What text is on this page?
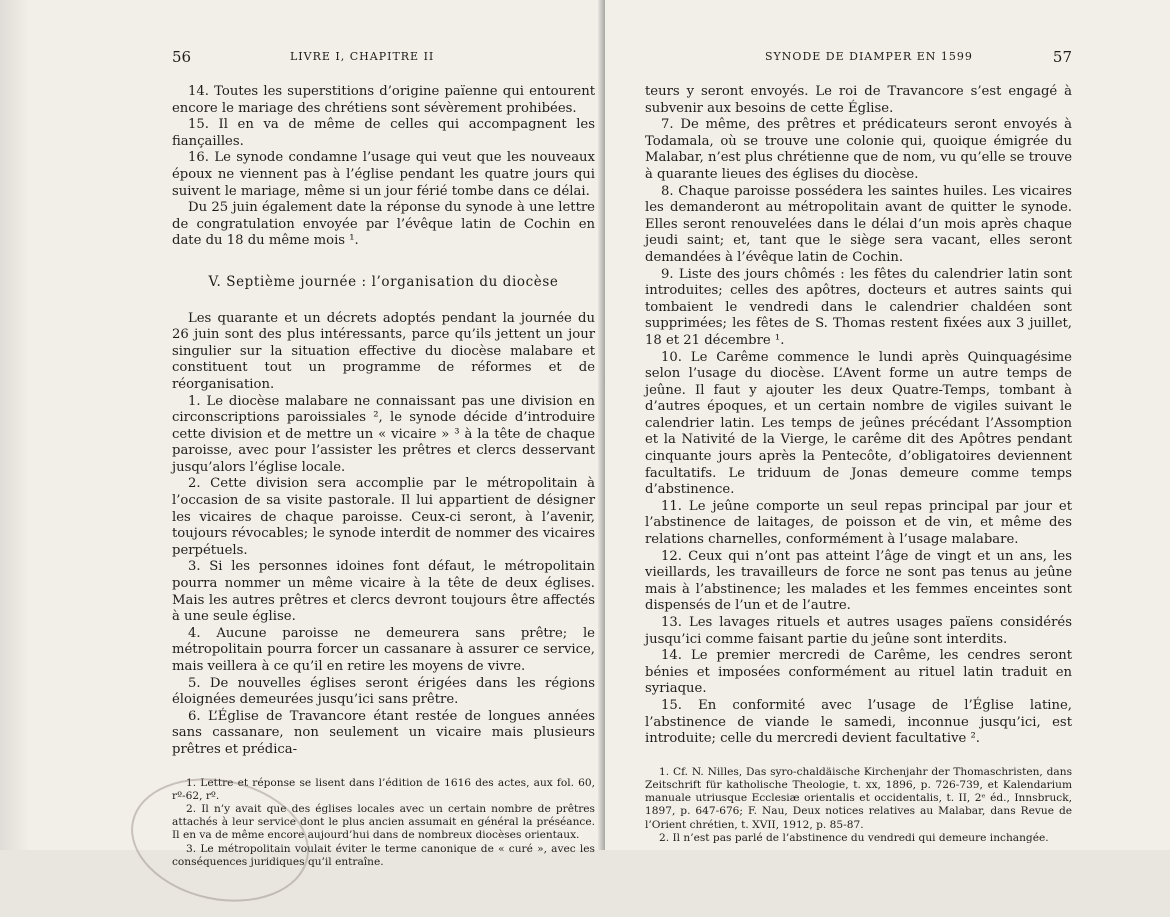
56	LIVRE I, CHAPITRE II

14. Toutes les superstitions d’origine païenne qui entourent encore le mariage des chrétiens sont sévèrement prohibées.

15. Il en va de même de celles qui accompagnent les fiançailles.

16. Le synode condamne l’usage qui veut que les nouveaux époux ne viennent pas à l’église pendant les quatre jours qui suivent le mariage, même si un jour férié tombe dans ce délai.

Du 25 juin également date la réponse du synode à une lettre de congratulation envoyée par l’évêque latin de Cochin en date du 18 du même mois ¹.

V. Septième journée : l’organisation du diocèse

Les quarante et un décrets adoptés pendant la journée du 26 juin sont des plus intéressants, parce qu’ils jettent un jour singulier sur la situation effective du diocèse malabare et constituent tout un programme de réformes et de réorganisation.

1. Le diocèse malabare ne connaissant pas une division en circonscriptions paroissiales ², le synode décide d’introduire cette division et de mettre un « vicaire » ³ à la tête de chaque paroisse, avec pour l’assister les prêtres et clercs desservant jusqu’alors l’église locale.

2. Cette division sera accomplie par le métropolitain à l’occasion de sa visite pastorale. Il lui appartient de désigner les vicaires de chaque paroisse. Ceux-ci seront, à l’avenir, toujours révocables; le synode interdit de nommer des vicaires perpétuels.

3. Si les personnes idoines font défaut, le métropolitain pourra nommer un même vicaire à la tête de deux églises. Mais les autres prêtres et clercs devront toujours être affectés à une seule église.

4. Aucune paroisse ne demeurera sans prêtre; le métropolitain pourra forcer un cassanare à assurer ce service, mais veillera à ce qu’il en retire les moyens de vivre.

5. De nouvelles églises seront érigées dans les régions éloignées demeurées jusqu’ici sans prêtre.

6. L’Église de Travancore étant restée de longues années sans cassanare, non seulement un vicaire mais plusieurs prêtres et prédica-

1. Lettre et réponse se lisent dans l’édition de 1616 des actes, aux fol. 60, rº-62, rº.

2. Il n’y avait que des églises locales avec un certain nombre de prêtres attachés à leur service dont le plus ancien assumait en général la préséance. Il en va de même encore aujourd’hui dans de nombreux diocèses orientaux.

3. Le métropolitain voulait éviter le terme canonique de « curé », avec les conséquences juridiques qu’il entraîne.

SYNODE DE DIAMPER EN 1599	57

teurs y seront envoyés. Le roi de Travancore s’est engagé à subvenir aux besoins de cette Église.

7. De même, des prêtres et prédicateurs seront envoyés à Todamala, où se trouve une colonie qui, quoique émigrée du Malabar, n’est plus chrétienne que de nom, vu qu’elle se trouve à quarante lieues des églises du diocèse.

8. Chaque paroisse possédera les saintes huiles. Les vicaires les demanderont au métropolitain avant de quitter le synode. Elles seront renouvelées dans le délai d’un mois après chaque jeudi saint; et, tant que le siège sera vacant, elles seront demandées à l’évêque latin de Cochin.

9. Liste des jours chômés : les fêtes du calendrier latin sont introduites; celles des apôtres, docteurs et autres saints qui tombaient le vendredi dans le calendrier chaldéen sont supprimées; les fêtes de S. Thomas restent fixées aux 3 juillet, 18 et 21 décembre ¹.

10. Le Carême commence le lundi après Quinquagésime selon l’usage du diocèse. L’Avent forme un autre temps de jeûne. Il faut y ajouter les deux Quatre-Temps, tombant à d’autres époques, et un certain nombre de vigiles suivant le calendrier latin. Les temps de jeûnes précédant l’Assomption et la Nativité de la Vierge, le carême dit des Apôtres pendant cinquante jours après la Pentecôte, d’obligatoires deviennent facultatifs. Le triduum de Jonas demeure comme temps d’abstinence.

11. Le jeûne comporte un seul repas principal par jour et l’abstinence de laitages, de poisson et de vin, et même des relations charnelles, conformément à l’usage malabare.

12. Ceux qui n’ont pas atteint l’âge de vingt et un ans, les vieillards, les travailleurs de force ne sont pas tenus au jeûne mais à l’abstinence; les malades et les femmes enceintes sont dispensés de l’un et de l’autre.

13. Les lavages rituels et autres usages païens considérés jusqu’ici comme faisant partie du jeûne sont interdits.

14. Le premier mercredi de Carême, les cendres seront bénies et imposées conformément au rituel latin traduit en syriaque.

15. En conformité avec l’usage de l’Église latine, l’abstinence de viande le samedi, inconnue jusqu’ici, est introduite; celle du mercredi devient facultative ².

1. Cf. N. Nilles, Das syro-chaldäische Kirchenjahr der Thomaschristen, dans Zeitschrift für katholische Theologie, t. xx, 1896, p. 726-739, et Kalendarium manuale utriusque Ecclesiæ orientalis et occidentalis, t. II, 2ᵉ éd., Innsbruck, 1897, p. 647-676; F. Nau, Deux notices relatives au Malabar, dans Revue de l’Orient chrétien, t. XVII, 1912, p. 85-87.

2. Il n’est pas parlé de l’abstinence du vendredi qui demeure inchangée.
